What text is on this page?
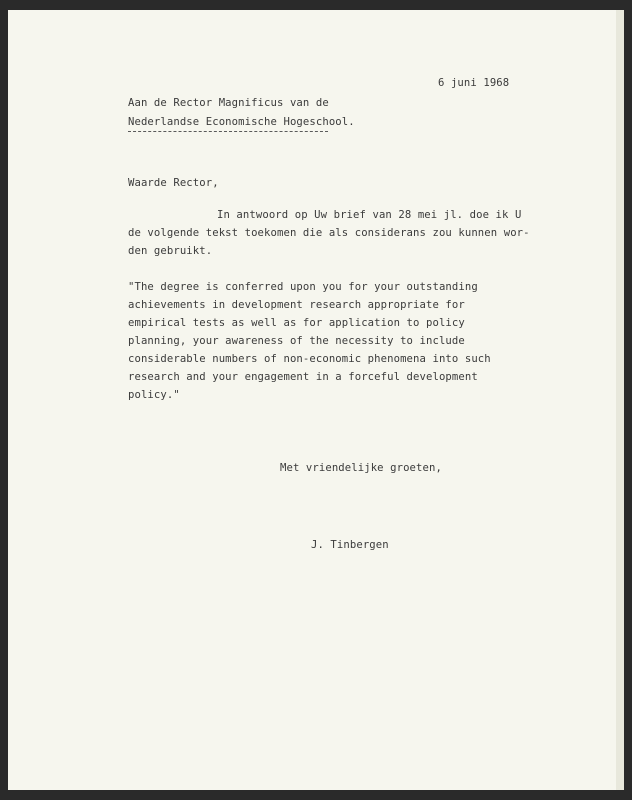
6 juni 1968
Aan de Rector Magnificus van de
Nederlandse Economische Hogeschool.
Waarde Rector,
In antwoord op Uw brief van 28 mei jl. doe ik U
de volgende tekst toekomen die als considerans zou kunnen wor-
den gebruikt.
"The degree is conferred upon you for your outstanding
achievements in development research appropriate for
empirical tests as well as for application to policy
planning, your awareness of the necessity to include
considerable numbers of non-economic phenomena into such
research and your engagement in a forceful development
policy."
Met vriendelijke groeten,
J. Tinbergen
